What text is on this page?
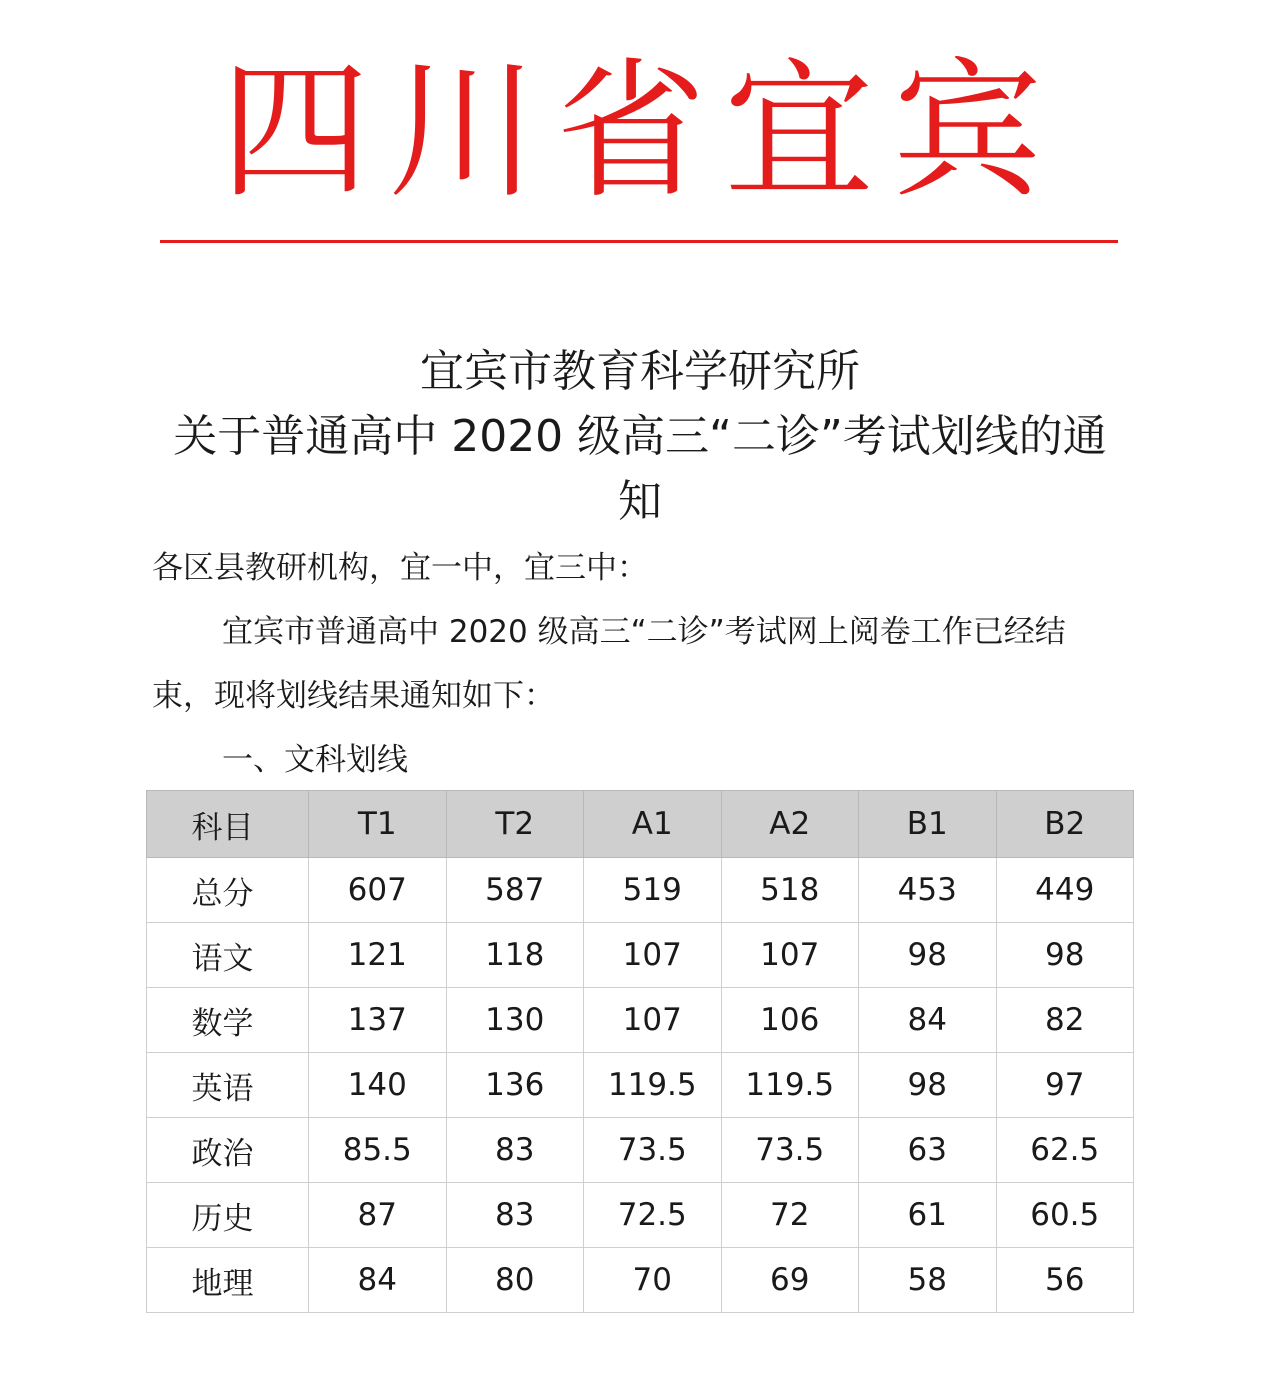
四川省宜宾
宜宾市教育科学研究所
关于普通高中 2020 级高三“二诊”考试划线的通
知
各区县教研机构，宜一中，宜三中：
宜宾市普通高中 2020 级高三“二诊”考试网上阅卷工作已经结
束，现将划线结果通知如下：
一、文科划线
科目	T1	T2	A1	A2	B1	B2
总分	607	587	519	518	453	449
语文	121	118	107	107	98	98
数学	137	130	107	106	84	82
英语	140	136	119.5	119.5	98	97
政治	85.5	83	73.5	73.5	63	62.5
历史	87	83	72.5	72	61	60.5
地理	84	80	70	69	58	56
